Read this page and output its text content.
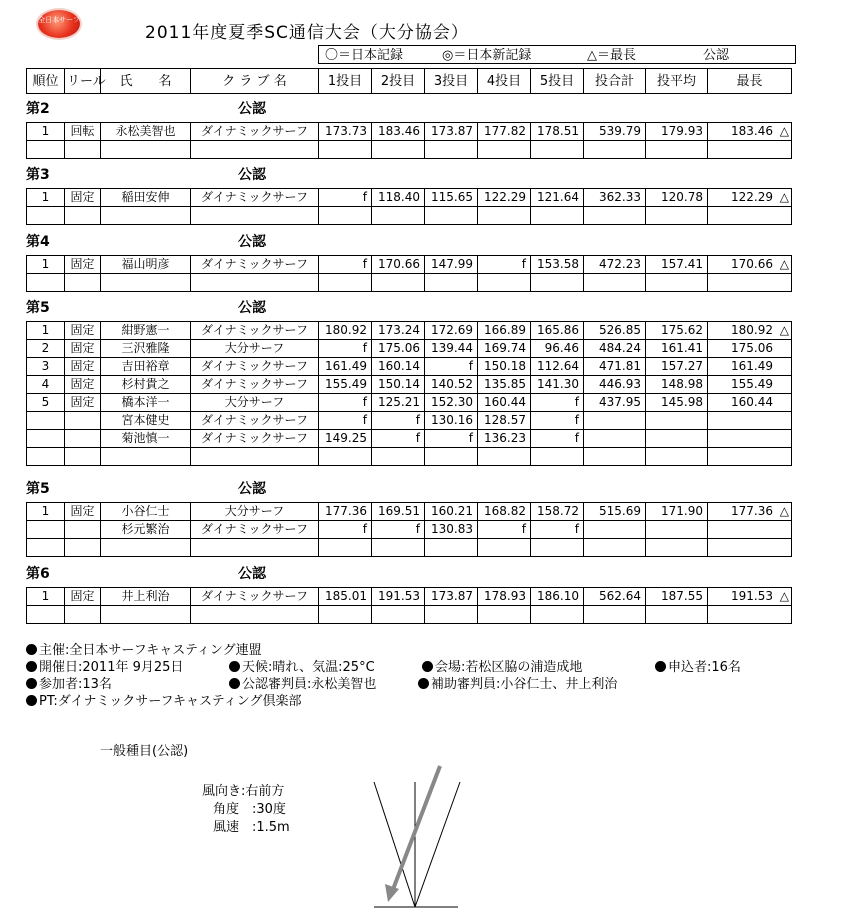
全日本サーフ
2011年度夏季SC通信大会（大分協会）
〇＝日本記録	◎＝日本新記録	△＝最長	公認
順位	リール	氏　　名	ク ラ ブ 名	1投目	2投目	3投目	4投目	5投目	投合計	投平均	最長
第2	公認
1	回転	永松美智也	ダイナミックサーフ	173.73	183.46	173.87	177.82	178.51	539.79	179.93	183.46 △

第3	公認
1	固定	稲田安伸	ダイナミックサーフ	f	118.40	115.65	122.29	121.64	362.33	120.78	122.29 △

第4	公認
1	固定	福山明彦	ダイナミックサーフ	f	170.66	147.99	f	153.58	472.23	157.41	170.66 △

第5	公認
1	固定	紺野憲一	ダイナミックサーフ	180.92	173.24	172.69	166.89	165.86	526.85	175.62	180.92 △
2	固定	三沢雅隆	大分サーフ	f	175.06	139.44	169.74	96.46	484.24	161.41	175.06
3	固定	吉田裕章	ダイナミックサーフ	161.49	160.14	f	150.18	112.64	471.81	157.27	161.49
4	固定	杉村貴之	ダイナミックサーフ	155.49	150.14	140.52	135.85	141.30	446.93	148.98	155.49
5	固定	橋本洋一	大分サーフ	f	125.21	152.30	160.44	f	437.95	145.98	160.44
		宮本健史	ダイナミックサーフ	f	f	130.16	128.57	f			
		菊池慎一	ダイナミックサーフ	149.25	f	f	136.23	f			

第5	公認
1	固定	小谷仁士	大分サーフ	177.36	169.51	160.21	168.82	158.72	515.69	171.90	177.36 △
		杉元繁治	ダイナミックサーフ	f	f	130.83	f	f			

第6	公認
1	固定	井上利治	ダイナミックサーフ	185.01	191.53	173.87	178.93	186.10	562.64	187.55	191.53 △

主催:全日本サーフキャスティング連盟
開催日:2011年 9月25日	天候:晴れ、気温:25°C	会場:若松区脇の浦造成地	申込者:16名
参加者:13名	公認審判員:永松美智也	補助審判員:小谷仁士、井上利治
PT:ダイナミックサーフキャスティング倶楽部
一般種目(公認)
風向き:右前方
角度　:30度
風速　:1.5m
